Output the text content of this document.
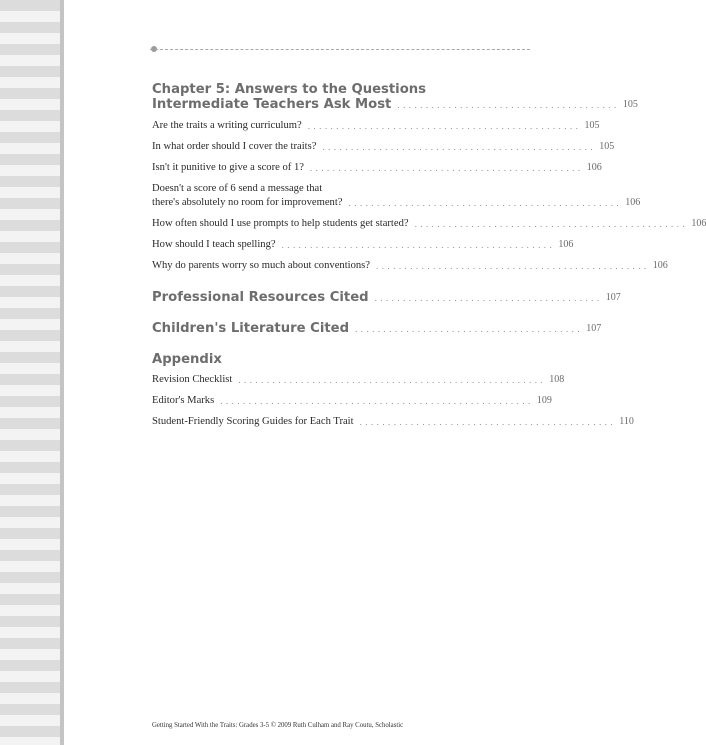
Chapter 5: Answers to the Questions
Intermediate Teachers Ask Most . . . . . . . . . . . . . . . . . . . . . . . . . . . . . . . . . . . . . . . 105
Are the traits a writing curriculum? . . . . . . . . . . . . . . . . . . . . . . . . . . . . . . . . . . . . . . . . . . . . . . . . 105
In what order should I cover the traits? . . . . . . . . . . . . . . . . . . . . . . . . . . . . . . . . . . . . . . . . . . . . . . . . 105
Isn't it punitive to give a score of 1? . . . . . . . . . . . . . . . . . . . . . . . . . . . . . . . . . . . . . . . . . . . . . . . . 106
Doesn't a score of 6 send a message that
there's absolutely no room for improvement? . . . . . . . . . . . . . . . . . . . . . . . . . . . . . . . . . . . . . . . . . . . . . . . . 106
How often should I use prompts to help students get started? . . . . . . . . . . . . . . . . . . . . . . . . . . . . . . . . . . . . . . . . . . . . . . . . 106
How should I teach spelling? . . . . . . . . . . . . . . . . . . . . . . . . . . . . . . . . . . . . . . . . . . . . . . . . 106
Why do parents worry so much about conventions? . . . . . . . . . . . . . . . . . . . . . . . . . . . . . . . . . . . . . . . . . . . . . . . . 106
Professional Resources Cited . . . . . . . . . . . . . . . . . . . . . . . . . . . . . . . . . . . . . . . . 107
Children's Literature Cited . . . . . . . . . . . . . . . . . . . . . . . . . . . . . . . . . . . . . . . . 107
Appendix
Revision Checklist . . . . . . . . . . . . . . . . . . . . . . . . . . . . . . . . . . . . . . . . . . . . . . . . . . . . . . 108
Editor's Marks . . . . . . . . . . . . . . . . . . . . . . . . . . . . . . . . . . . . . . . . . . . . . . . . . . . . . . . 109
Student-Friendly Scoring Guides for Each Trait . . . . . . . . . . . . . . . . . . . . . . . . . . . . . . . . . . . . . . . . . . . . . 110
Getting Started With the Traits: Grades 3-5 © 2009 Ruth Culham and Ray Coutu, Scholastic
